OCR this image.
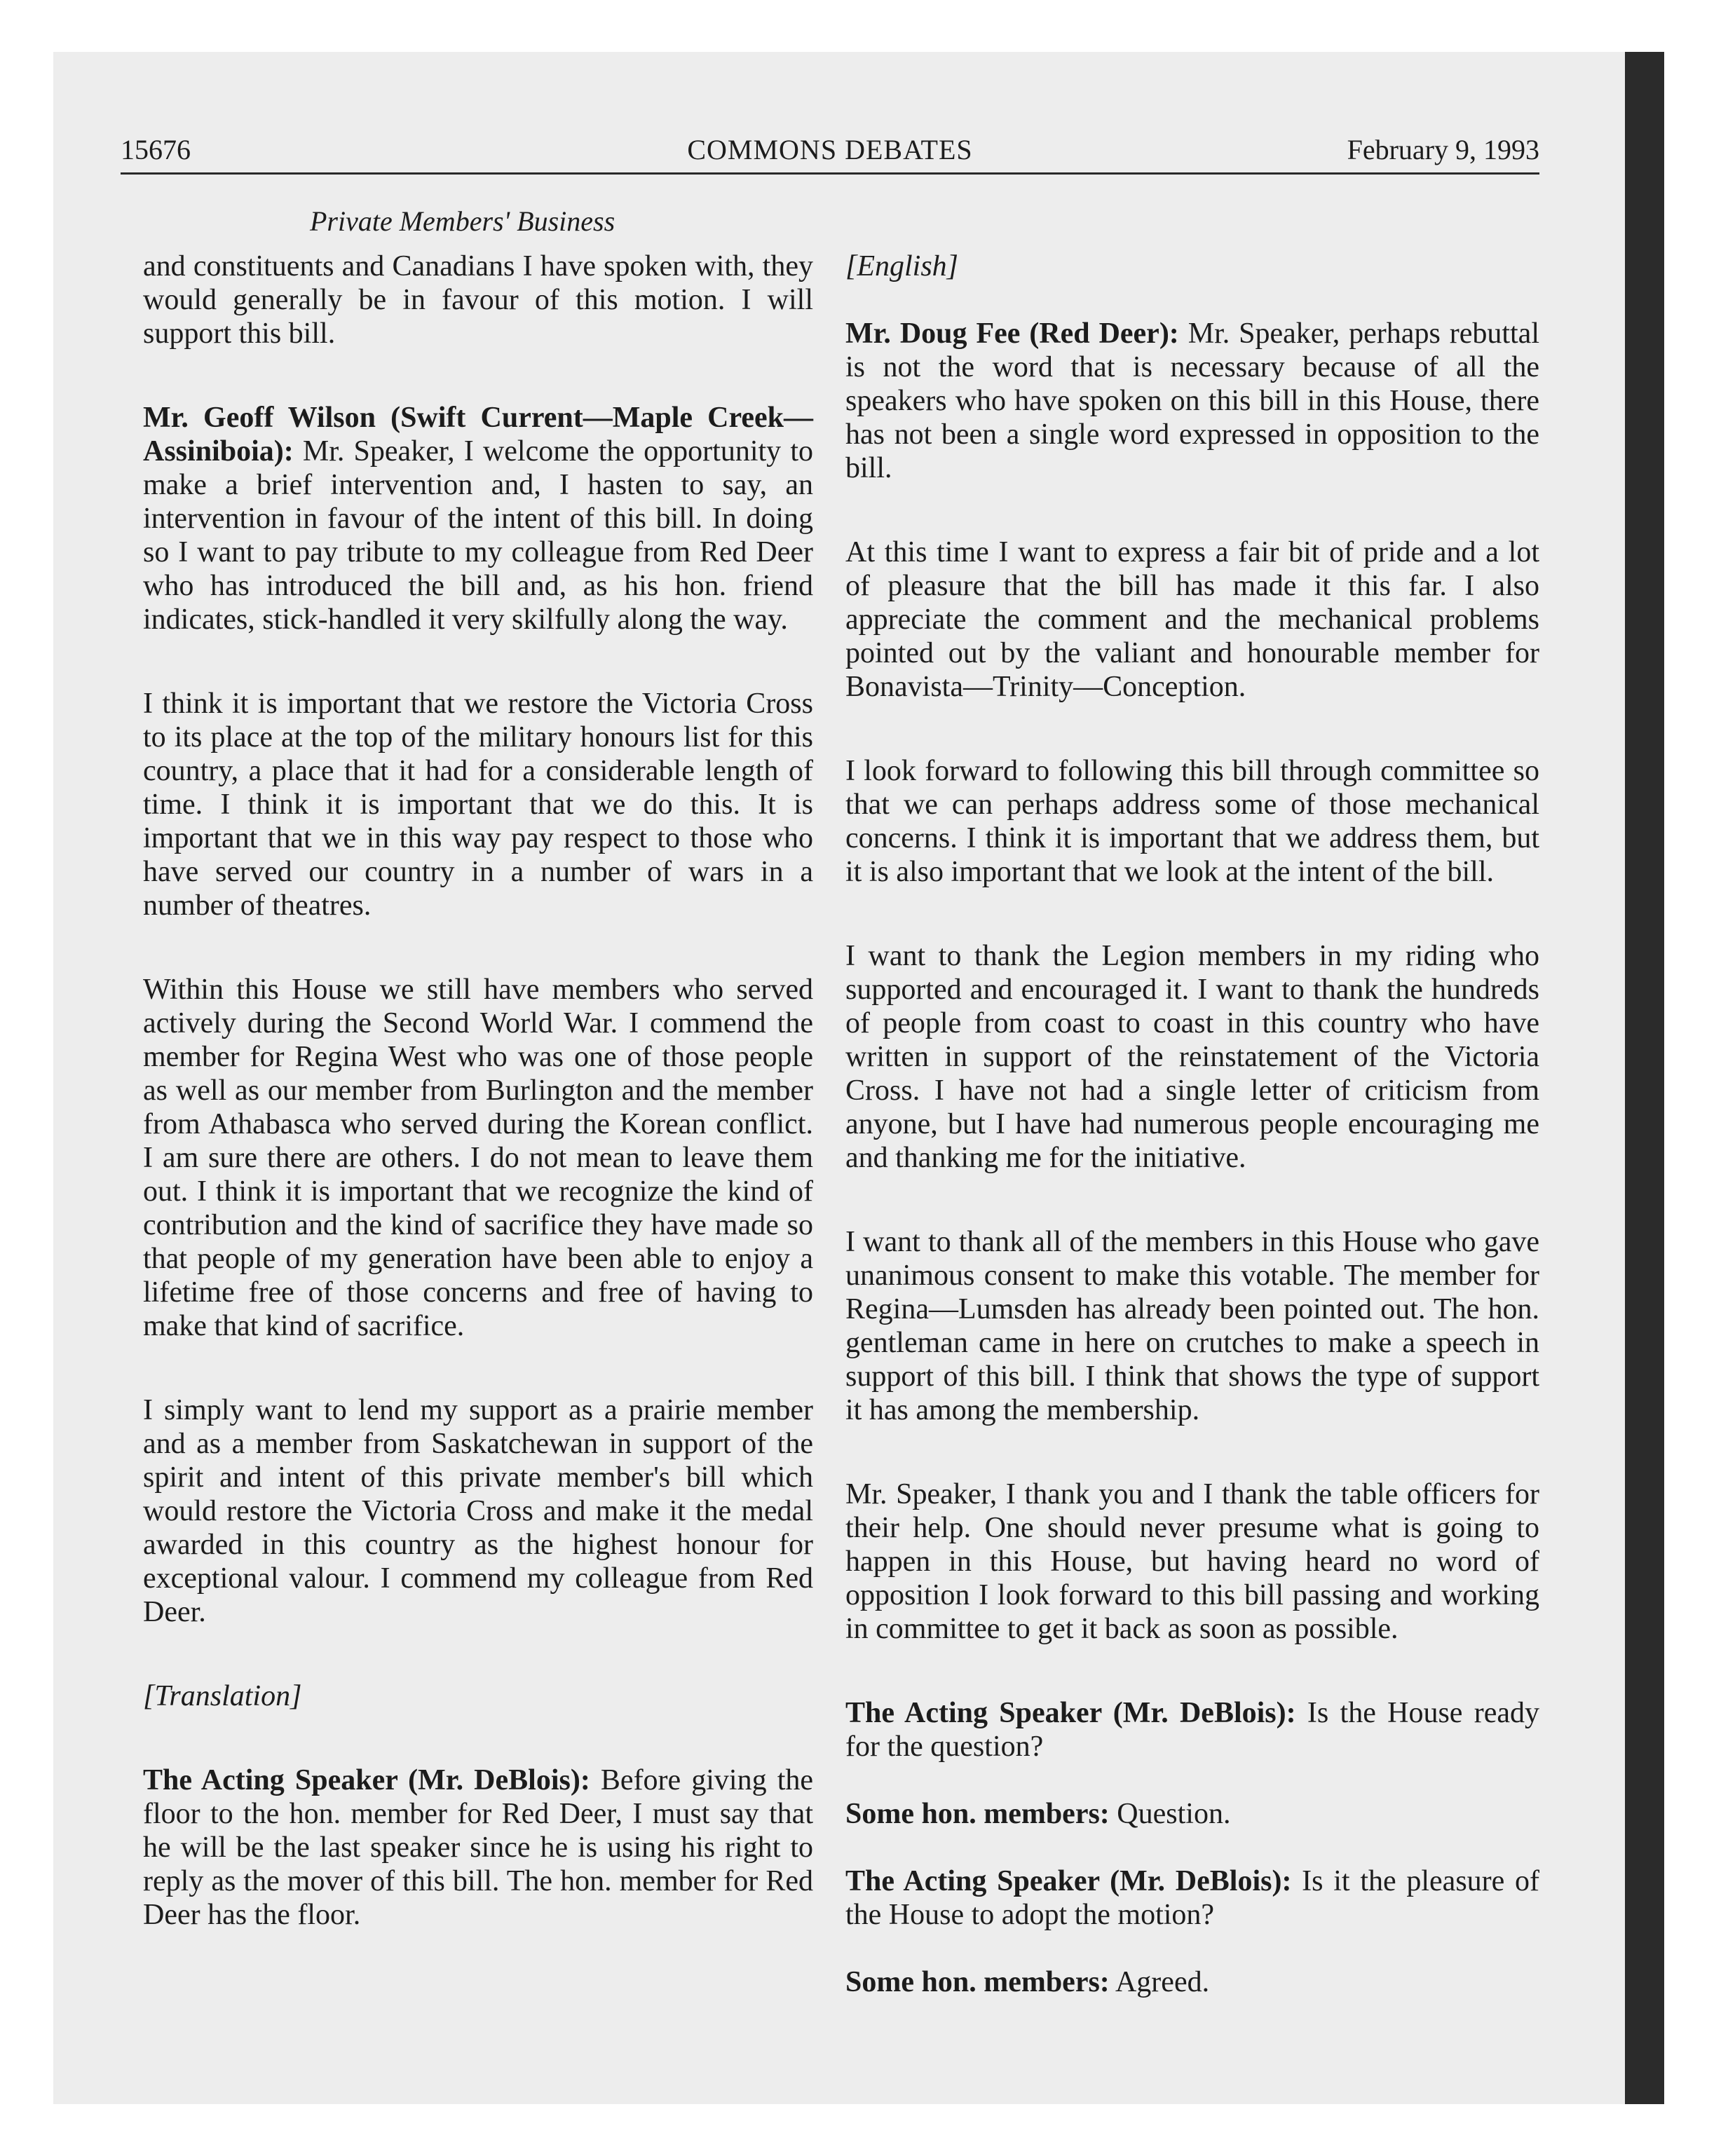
15676	COMMONS DEBATES	February 9, 1993
Private Members' Business

and constituents and Canadians I have spoken with, they would generally be in favour of this motion. I will support this bill.

Mr. Geoff Wilson (Swift Current—Maple Creek—Assiniboia): Mr. Speaker, I welcome the opportunity to make a brief intervention and, I hasten to say, an intervention in favour of the intent of this bill. In doing so I want to pay tribute to my colleague from Red Deer who has introduced the bill and, as his hon. friend indicates, stick-handled it very skilfully along the way.

I think it is important that we restore the Victoria Cross to its place at the top of the military honours list for this country, a place that it had for a considerable length of time. I think it is important that we do this. It is important that we in this way pay respect to those who have served our country in a number of wars in a number of theatres.

Within this House we still have members who served actively during the Second World War. I commend the member for Regina West who was one of those people as well as our member from Burlington and the member from Athabasca who served during the Korean conflict. I am sure there are others. I do not mean to leave them out. I think it is important that we recognize the kind of contribution and the kind of sacrifice they have made so that people of my generation have been able to enjoy a lifetime free of those concerns and free of having to make that kind of sacrifice.

I simply want to lend my support as a prairie member and as a member from Saskatchewan in support of the spirit and intent of this private member's bill which would restore the Victoria Cross and make it the medal awarded in this country as the highest honour for exceptional valour. I commend my colleague from Red Deer.

[Translation]

The Acting Speaker (Mr. DeBlois): Before giving the floor to the hon. member for Red Deer, I must say that he will be the last speaker since he is using his right to reply as the mover of this bill. The hon. member for Red Deer has the floor.

[English]

Mr. Doug Fee (Red Deer): Mr. Speaker, perhaps rebuttal is not the word that is necessary because of all the speakers who have spoken on this bill in this House, there has not been a single word expressed in opposition to the bill.

At this time I want to express a fair bit of pride and a lot of pleasure that the bill has made it this far. I also appreciate the comment and the mechanical problems pointed out by the valiant and honourable member for Bonavista—Trinity—Conception.

I look forward to following this bill through committee so that we can perhaps address some of those mechanical concerns. I think it is important that we address them, but it is also important that we look at the intent of the bill.

I want to thank the Legion members in my riding who supported and encouraged it. I want to thank the hundreds of people from coast to coast in this country who have written in support of the reinstatement of the Victoria Cross. I have not had a single letter of criticism from anyone, but I have had numerous people encouraging me and thanking me for the initiative.

I want to thank all of the members in this House who gave unanimous consent to make this votable. The member for Regina—Lumsden has already been pointed out. The hon. gentleman came in here on crutches to make a speech in support of this bill. I think that shows the type of support it has among the membership.

Mr. Speaker, I thank you and I thank the table officers for their help. One should never presume what is going to happen in this House, but having heard no word of opposition I look forward to this bill passing and working in committee to get it back as soon as possible.

The Acting Speaker (Mr. DeBlois): Is the House ready for the question?

Some hon. members: Question.

The Acting Speaker (Mr. DeBlois): Is it the pleasure of the House to adopt the motion?

Some hon. members: Agreed.
